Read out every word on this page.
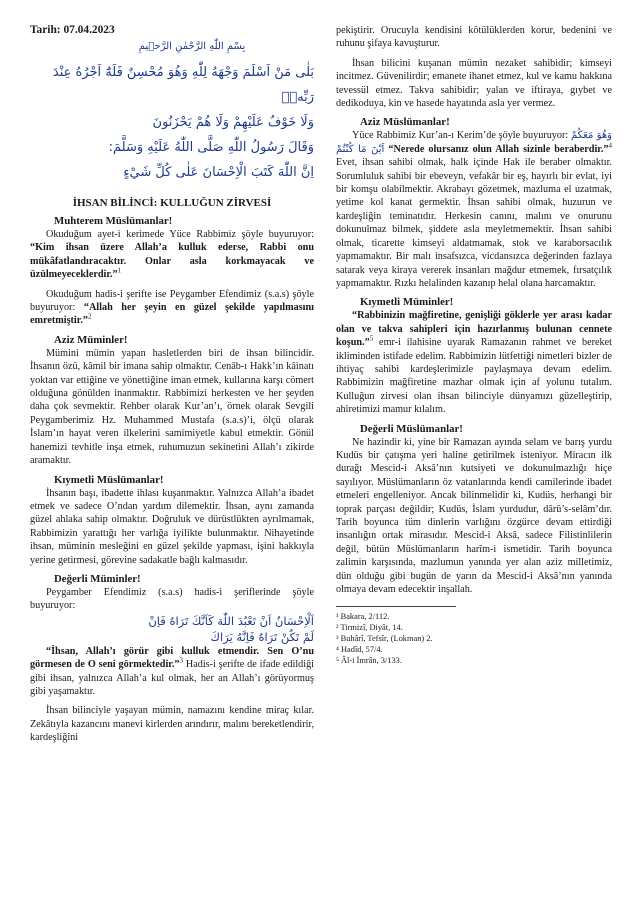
Tarih: 07.04.2023

بِسْمِ اللّٰهِ الرَّحْمٰنِ الرَّح۪يمِ

بَلٰى مَنْ اَسْلَمَ وَجْهَهُ لِلّٰهِ وَهُوَ مُحْسِنٌ فَلَهُٓ اَجْرُهُ عِنْدَ رَبِّه۪ۖ

وَلَا خَوْفٌ عَلَيْهِمْ وَلَا هُمْ يَحْزَنُونَ

وَقَالَ رَسُولُ اللّٰهِ صَلَّى اللّٰهُ عَلَيْهِ وَسَلَّمَ:

اِنَّ اللّٰهَ كَتَبَ الْاِحْسَانَ عَلٰى كُلِّ شَيْءٍ

İHSAN BİLİNCİ: KULLUĞUN ZİRVESİ
Muhterem Müslümanlar!

Okuduğum ayet-i kerimede Yüce Rabbimiz şöyle buyuruyor: “Kim ihsan üzere Allah’a kulluk ederse, Rabbi onu mükâfatlandıracaktır. Onlar asla korkmayacak ve üzülmeyeceklerdir.”$^1$

Okuduğum hadis-i şerifte ise Peygamber Efendimiz (s.a.s) şöyle buyuruyor: “Allah her şeyin en güzel şekilde yapılmasını emretmiştir.”$^2$

Aziz Müminler!

Mümini mümin yapan hasletlerden biri de ihsan bilincidir. İhsanın özü, kâmil bir imana sahip olmaktır. Cenâb-ı Hakk’ın kâinatı yoktan var ettiğine ve yönettiğine iman etmek, kullarına karşı cömert olduğuna gönülden inanmaktır. Rabbimizi herkesten ve her şeyden daha çok sevmektir. Rehber olarak Kur’an’ı, örnek olarak Sevgili Peygamberimiz Hz. Muhammed Mustafa (s.a.s)’i, ölçü olarak İslam’ın hayat veren ilkelerini samimiyetle kabul etmektir. Gönül hanemizi tevhitle inşa etmek, ruhumuzun sekinetini Allah’ı zikirde aramaktır.

Kıymetli Müslümanlar!

İhsanın başı, ibadette ihlası kuşanmaktır. Yalnızca Allah’a ibadet etmek ve sadece O’ndan yardım dilemektir. İhsan, aynı zamanda güzel ahlaka sahip olmaktır. Doğruluk ve dürüstlükten ayrılmamak, Rabbimizin yarattığı her varlığa iyilikte bulunmaktır. Nihayetinde ihsan, müminin mesleğini en güzel şekilde yapması, işini hakkıyla yerine getirmesi, görevine sadakatle bağlı kalmasıdır.

Değerli Müminler!

Peygamber Efendimiz (s.a.s) hadis-i şeriflerinde şöyle buyuruyor:

اَلْاِحْسَانُ اَنْ تَعْبُدَ اللّٰهَ كَاَنَّكَ تَرَاهُ فَاِنْ

لَمْ تَكُنْ تَرَاهُ فَاِنَّهُ يَرَاكَ

“İhsan, Allah’ı görür gibi kulluk etmendir. Sen O’nu görmesen de O seni görmektedir.”$^3$ Hadis-i şerifte de ifade edildiği gibi ihsan, yalnızca Allah’a kul olmak, her an Allah’ı görüyormuş gibi yaşamaktır.

İhsan bilinciyle yaşayan mümin, namazını kendine miraç kılar. Zekâtıyla kazancını manevi kirlerden arındırır, malını bereketlendirir, kardeşliğini

pekiştirir. Orucuyla kendisini kötülüklerden korur, bedenini ve ruhunu şifaya kavuşturur.

İhsan bilicini kuşanan mümin nezaket sahibidir; kimseyi incitmez. Güvenilirdir; emanete ihanet etmez, kul ve kamu hakkına tevessül etmez. Takva sahibidir; yalan ve iftiraya, gıybet ve dedikoduya, kin ve hasede hayatında asla yer vermez.

Aziz Müslümanlar!

Yüce Rabbimiz Kur’an-ı Kerim’de şöyle buyuruyor: وَهُوَ مَعَكُمْ اَيْنَ مَا كُنْتُمْ “Nerede olursanız olun Allah sizinle beraberdir.”$^4$ Evet, ihsan sahibi olmak, halk içinde Hak ile beraber olmaktır. Sorumluluk sahibi bir ebeveyn, vefakâr bir eş, hayırlı bir evlat, iyi bir komşu olabilmektir. Akrabayı gözetmek, mazluma el uzatmak, yetime kol kanat germektir. İhsan sahibi olmak, huzurun ve kardeşliğin teminatıdır. Herkesin canını, malını ve onurunu dokunulmaz bilmek, şiddete asla meyletmemektir. İhsan sahibi olmak, ticarette kimseyi aldatmamak, stok ve karaborsacılık yapmamaktır. Bir malı insafsızca, vicdansızca değerinden fazlaya satarak veya kiraya vererek insanları mağdur etmemek, fırsatçılık yapmamaktır. Rızkı helalinden kazanıp helal olana harcamaktır.

Kıymetli Müminler!

“Rabbinizin mağfiretine, genişliği göklerle yer arası kadar olan ve takva sahipleri için hazırlanmış bulunan cennete koşun.”$^5$ emr-i ilahisine uyarak Ramazanın rahmet ve bereket ikliminden istifade edelim. Rabbimizin lütfettiği nimetleri bizler de ihtiyaç sahibi kardeşlerimizle paylaşmaya devam edelim. Rabbimizin mağfiretine mazhar olmak için af yolunu tutalım. Kulluğun zirvesi olan ihsan bilinciyle dünyamızı güzelleştirip, ahiretimizi mamur kılalım.

Değerli Müslümanlar!

Ne hazindir ki, yine bir Ramazan ayında selam ve barış yurdu Kudüs bir çatışma yeri haline getirilmek isteniyor. Miracın ilk durağı Mescid-i Aksâ’nın kutsiyeti ve dokunulmazlığı hiçe sayılıyor. Müslümanların öz vatanlarında kendi camilerinde ibadet etmeleri engelleniyor. Ancak bilinmelidir ki, Kudüs, herhangi bir toprak parçası değildir; Kudüs, İslam yurdudur, dârü’s-selâm’dır. Tarih boyunca tüm dinlerin varlığını özgürce devam ettirdiği insanlığın ortak mirasıdır. Mescid-i Aksâ, sadece Filistinlilerin değil, bütün Müslümanların harîm-i ismetidir. Tarih boyunca zalimin karşısında, mazlumun yanında yer alan aziz milletimiz, dün olduğu gibi bugün de yarın da Mescid-i Aksâ’nın yanında olmaya devam edecektir inşallah.

¹ Bakara, 2/112.
² Tirmizî, Diyât, 14.
³ Buhârî, Tefsîr, (Lokman) 2.
⁴ Hadîd, 57/4.
⁵ Âl-i İmrân, 3/133.
